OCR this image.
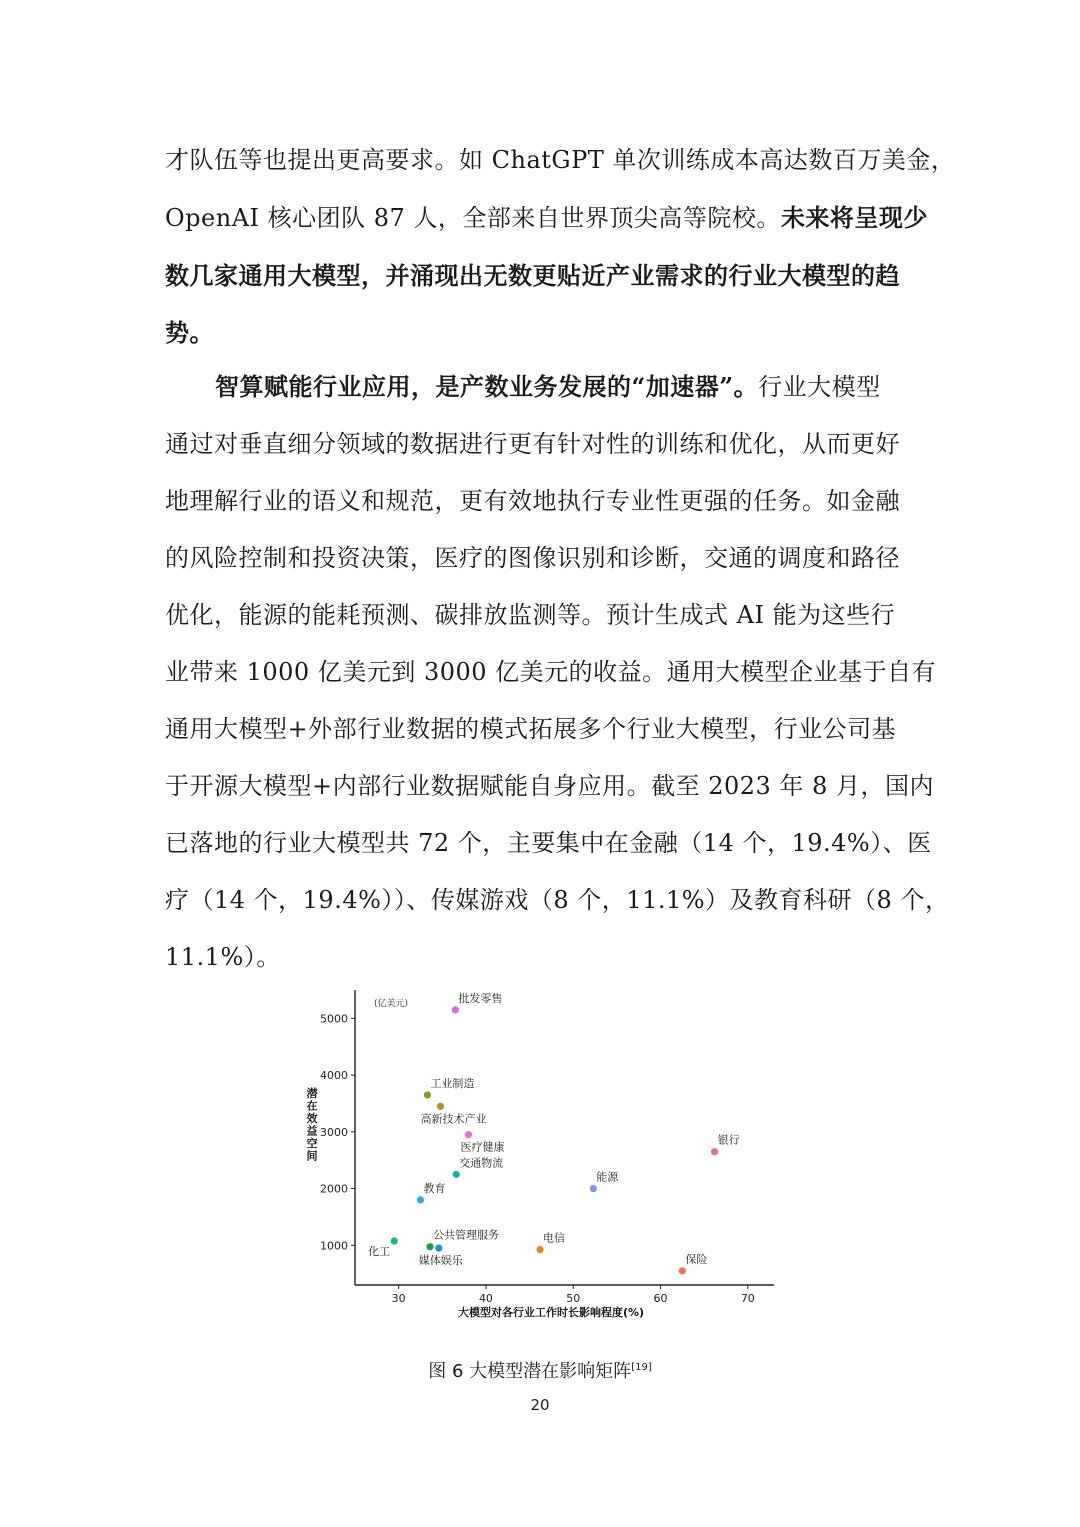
才队伍等也提出更高要求。如 ChatGPT 单次训练成本高达数百万美金，
OpenAI 核心团队 87 人，全部来自世界顶尖高等院校。未来将呈现少
数几家通用大模型，并涌现出无数更贴近产业需求的行业大模型的趋
势。
智算赋能行业应用，是产数业务发展的“加速器”。行业大模型
通过对垂直细分领域的数据进行更有针对性的训练和优化，从而更好
地理解行业的语义和规范，更有效地执行专业性更强的任务。如金融
的风险控制和投资决策，医疗的图像识别和诊断，交通的调度和路径
优化，能源的能耗预测、碳排放监测等。预计生成式 AI 能为这些行
业带来 1000 亿美元到 3000 亿美元的收益。通用大模型企业基于自有
通用大模型+外部行业数据的模式拓展多个行业大模型，行业公司基
于开源大模型+内部行业数据赋能自身应用。截至 2023 年 8 月，国内
已落地的行业大模型共 72 个，主要集中在金融（14 个，19.4%）、医
疗（14 个，19.4%））、传媒游戏（8 个，11.1%）及教育科研（8 个，
11.1%）。
(亿美元)
潜在效益空间
大模型对各行业工作时长影响程度(%)
30	40	50	60	70
1000
2000
3000
4000
5000
批发零售
工业制造
高新技术产业
医疗健康
交通物流
教育
能源
银行
化工
公共管理服务
媒体娱乐
电信
保险
图 6 大模型潜在影响矩阵[19]
20
